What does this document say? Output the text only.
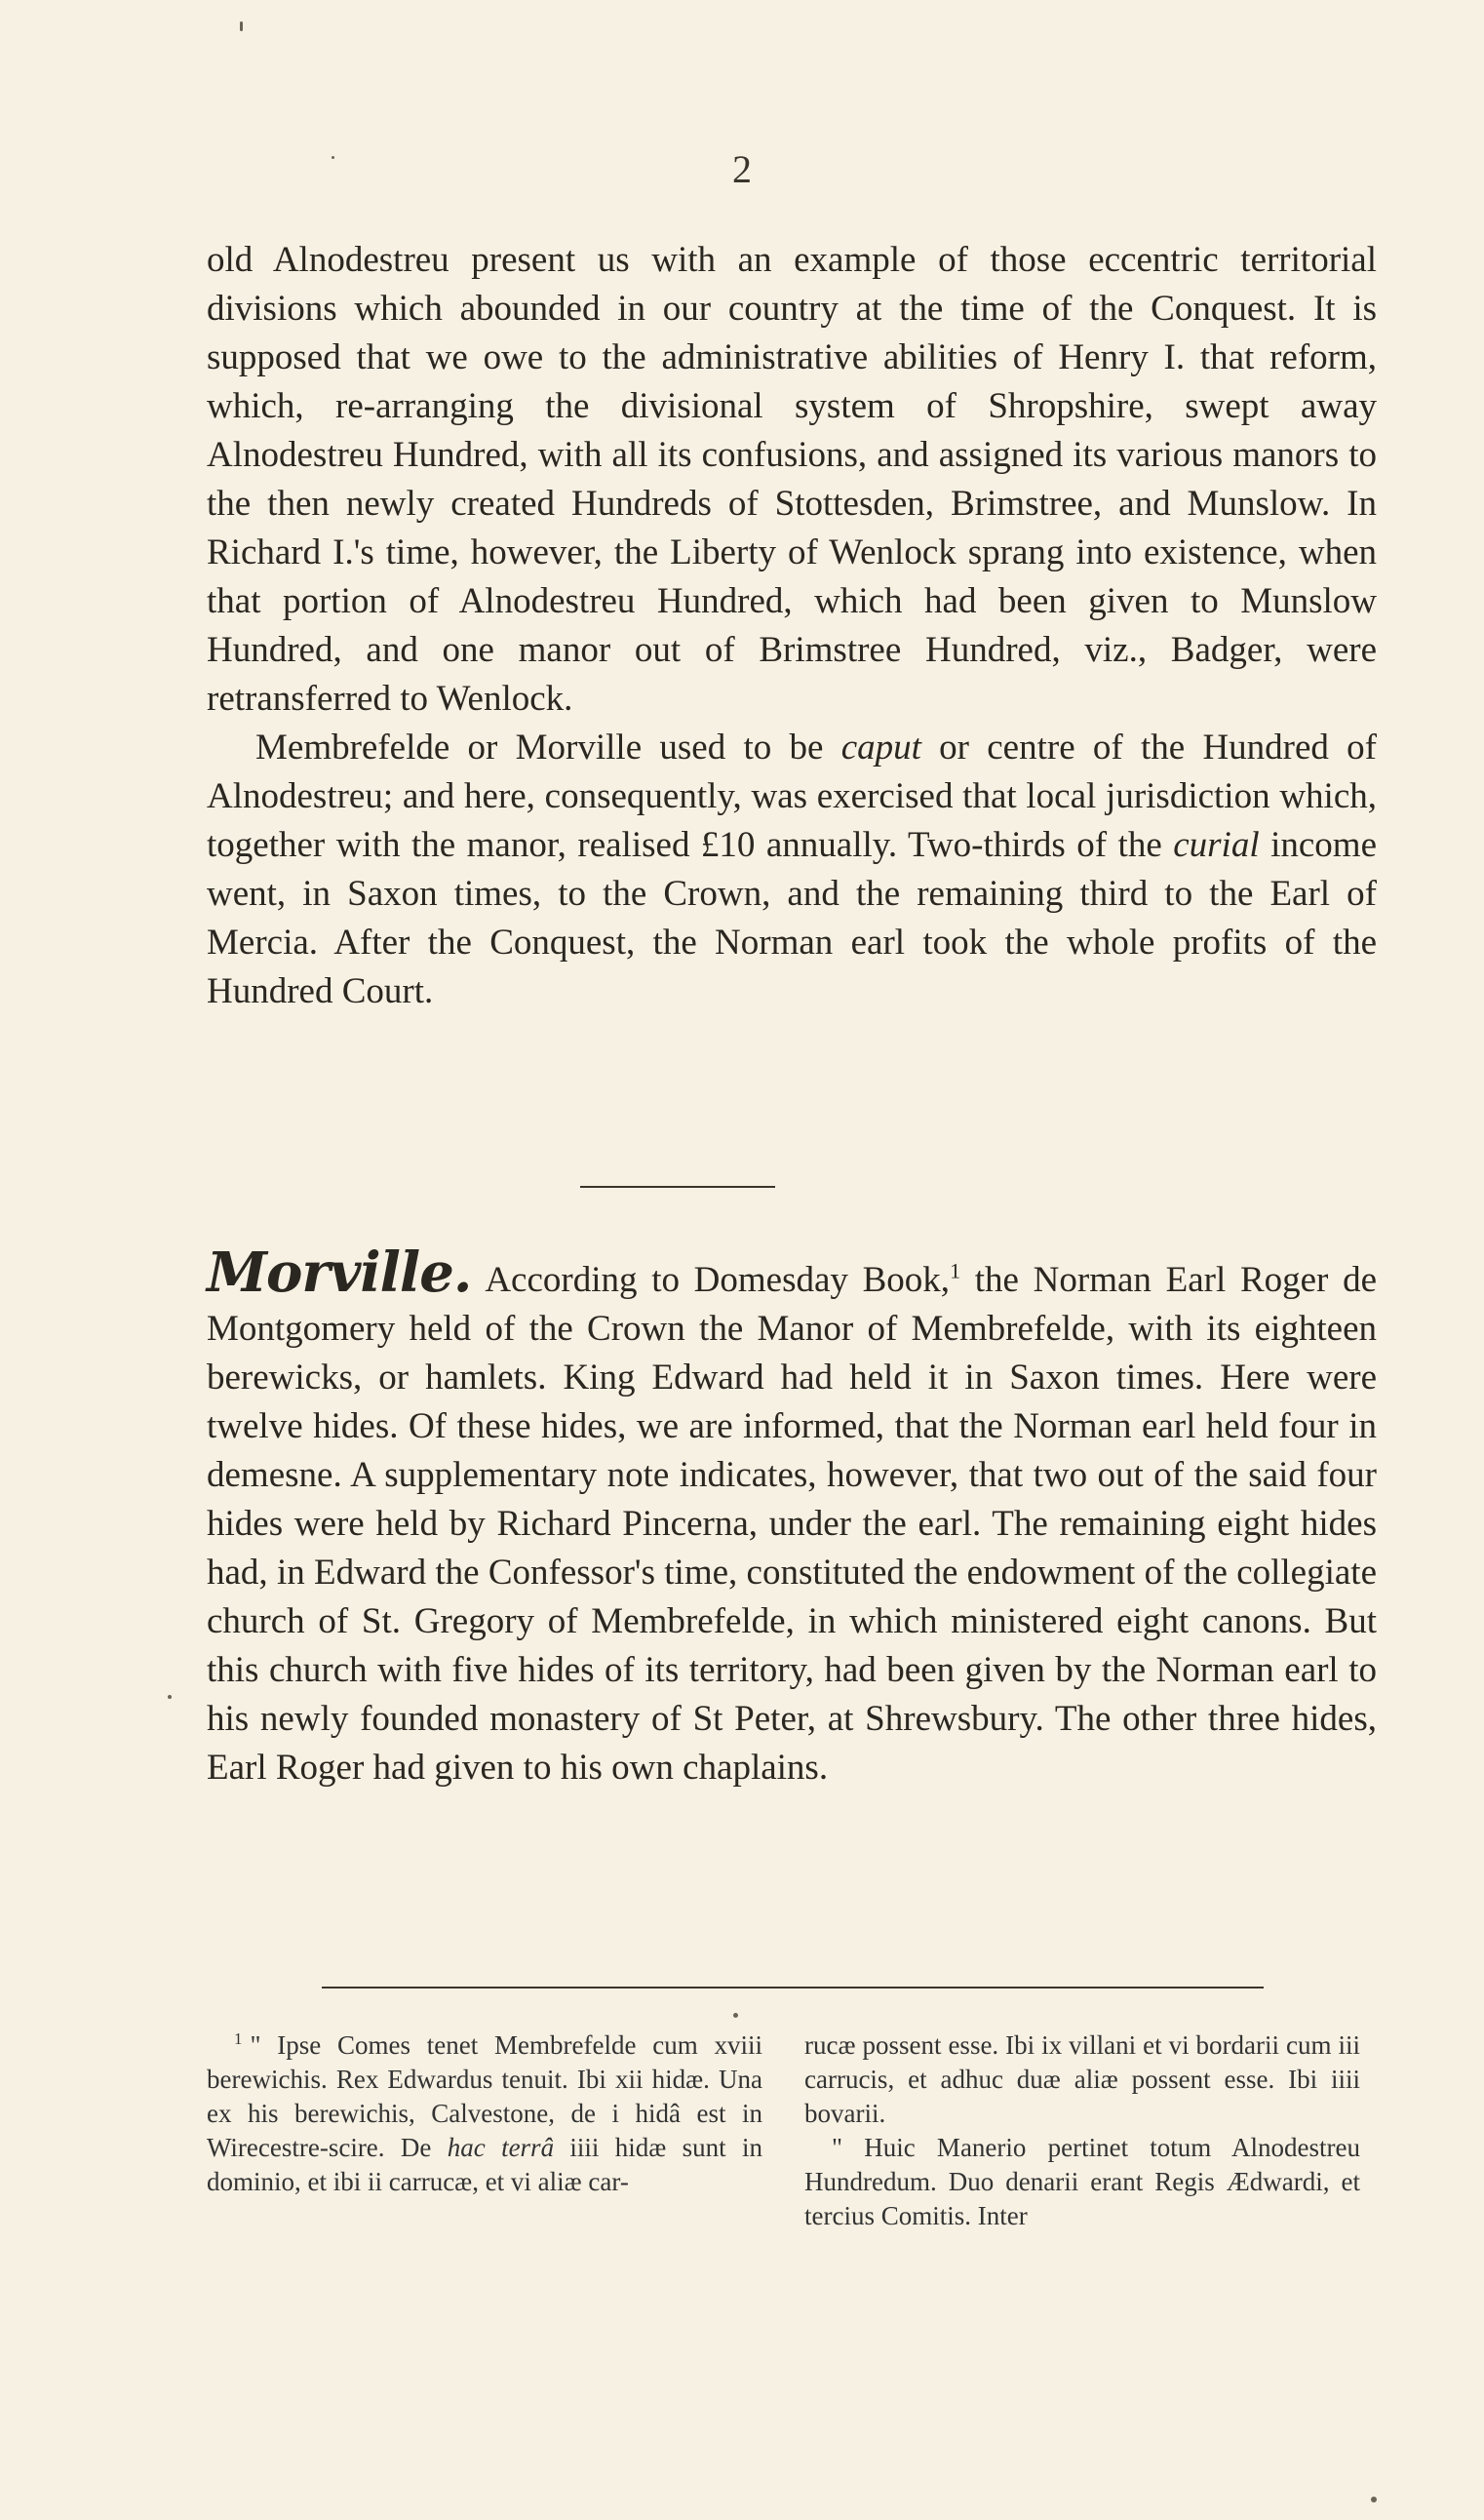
2

old Alnodestreu present us with an example of those eccentric territorial divisions which abounded in our country at the time of the Conquest. It is supposed that we owe to the administrative abilities of Henry I. that reform, which, re-arranging the divisional system of Shropshire, swept away Alnodestreu Hundred, with all its confusions, and assigned its various manors to the then newly created Hundreds of Stottesden, Brimstree, and Munslow. In Richard I.'s time, however, the Liberty of Wenlock sprang into existence, when that portion of Alnodestreu Hundred, which had been given to Munslow Hundred, and one manor out of Brimstree Hundred, viz., Badger, were retransferred to Wenlock.

Membrefelde or Morville used to be caput or centre of the Hundred of Alnodestreu; and here, consequently, was exercised that local jurisdiction which, together with the manor, realised £10 annually. Two-thirds of the curial income went, in Saxon times, to the Crown, and the remaining third to the Earl of Mercia. After the Conquest, the Norman earl took the whole profits of the Hundred Court.

Morville. According to Domesday Book,$^1$ the Norman Earl Roger de Montgomery held of the Crown the Manor of Membrefelde, with its eighteen berewicks, or hamlets. King Edward had held it in Saxon times. Here were twelve hides. Of these hides, we are informed, that the Norman earl held four in demesne. A supplementary note indicates, however, that two out of the said four hides were held by Richard Pincerna, under the earl. The remaining eight hides had, in Edward the Confessor's time, constituted the endowment of the collegiate church of St. Gregory of Membrefelde, in which ministered eight canons. But this church with five hides of its territory, had been given by the Norman earl to his newly founded monastery of St Peter, at Shrewsbury. The other three hides, Earl Roger had given to his own chaplains.

$^1$ " Ipse Comes tenet Membrefelde cum xviii berewichis. Rex Edwardus tenuit. Ibi xii hidæ. Una ex his berewichis, Calvestone, de i hidâ est in Wirecestre-scire. De hac terrâ iiii hidæ sunt in dominio, et ibi ii carrucæ, et vi aliæ car-

rucæ possent esse. Ibi ix villani et vi bordarii cum iii carrucis, et adhuc duæ aliæ possent esse. Ibi iiii bovarii.

" Huic Manerio pertinet totum Alnodestreu Hundredum. Duo denarii erant Regis Ædwardi, et tercius Comitis. Inter
